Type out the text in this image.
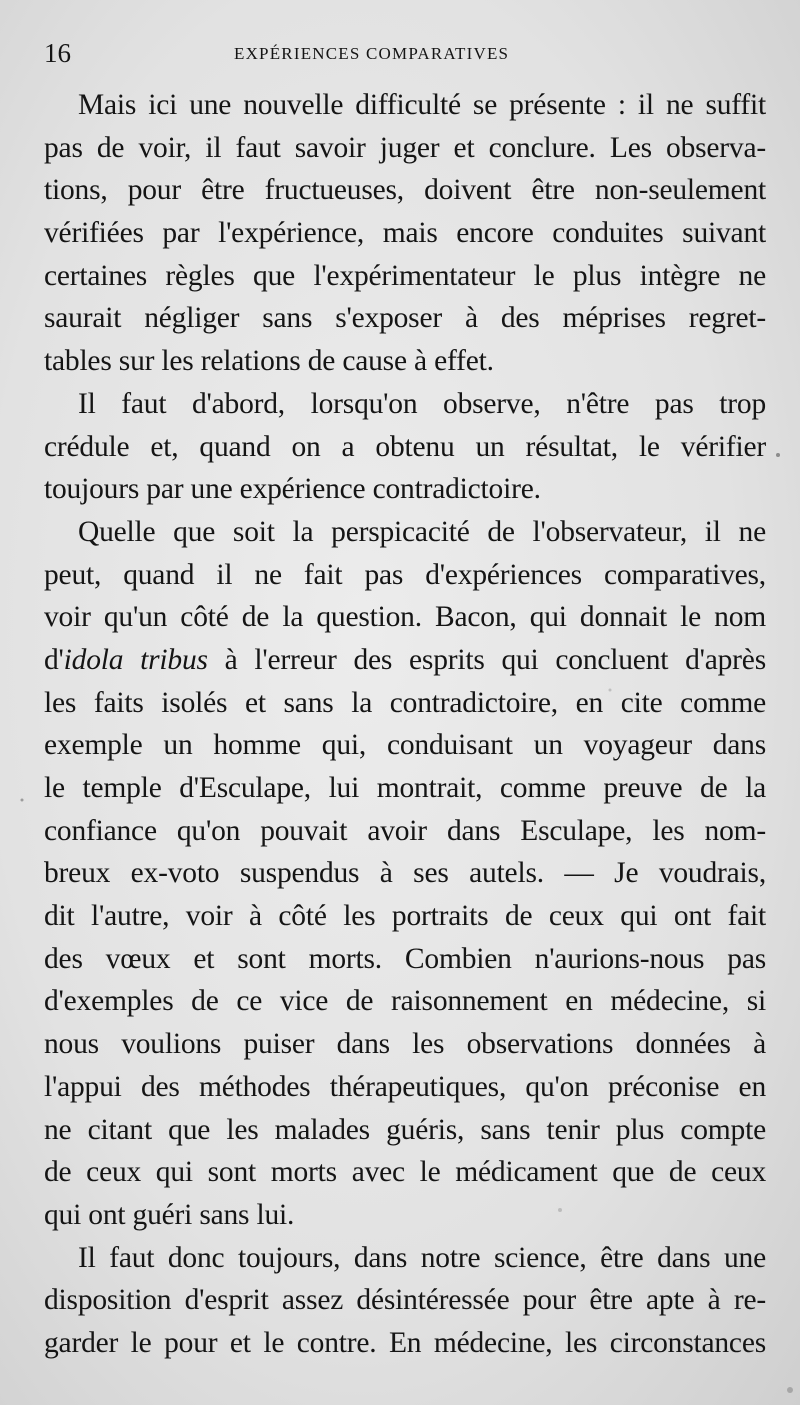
16	EXPÉRIENCES COMPARATIVES
Mais ici une nouvelle difficulté se présente : il ne suffit
pas de voir, il faut savoir juger et conclure. Les observa-
tions, pour être fructueuses, doivent être non-seulement
vérifiées par l'expérience, mais encore conduites suivant
certaines règles que l'expérimentateur le plus intègre ne
saurait négliger sans s'exposer à des méprises regret-
tables sur les relations de cause à effet.
Il faut d'abord, lorsqu'on observe, n'être pas trop
crédule et, quand on a obtenu un résultat, le vérifier
toujours par une expérience contradictoire.
Quelle que soit la perspicacité de l'observateur, il ne
peut, quand il ne fait pas d'expériences comparatives,
voir qu'un côté de la question. Bacon, qui donnait le nom
d'idola tribus à l'erreur des esprits qui concluent d'après
les faits isolés et sans la contradictoire, en cite comme
exemple un homme qui, conduisant un voyageur dans
le temple d'Esculape, lui montrait, comme preuve de la
confiance qu'on pouvait avoir dans Esculape, les nom-
breux ex-voto suspendus à ses autels. — Je voudrais,
dit l'autre, voir à côté les portraits de ceux qui ont fait
des vœux et sont morts. Combien n'aurions-nous pas
d'exemples de ce vice de raisonnement en médecine, si
nous voulions puiser dans les observations données à
l'appui des méthodes thérapeutiques, qu'on préconise en
ne citant que les malades guéris, sans tenir plus compte
de ceux qui sont morts avec le médicament que de ceux
qui ont guéri sans lui.
Il faut donc toujours, dans notre science, être dans une
disposition d'esprit assez désintéressée pour être apte à re-
garder le pour et le contre. En médecine, les circonstances
